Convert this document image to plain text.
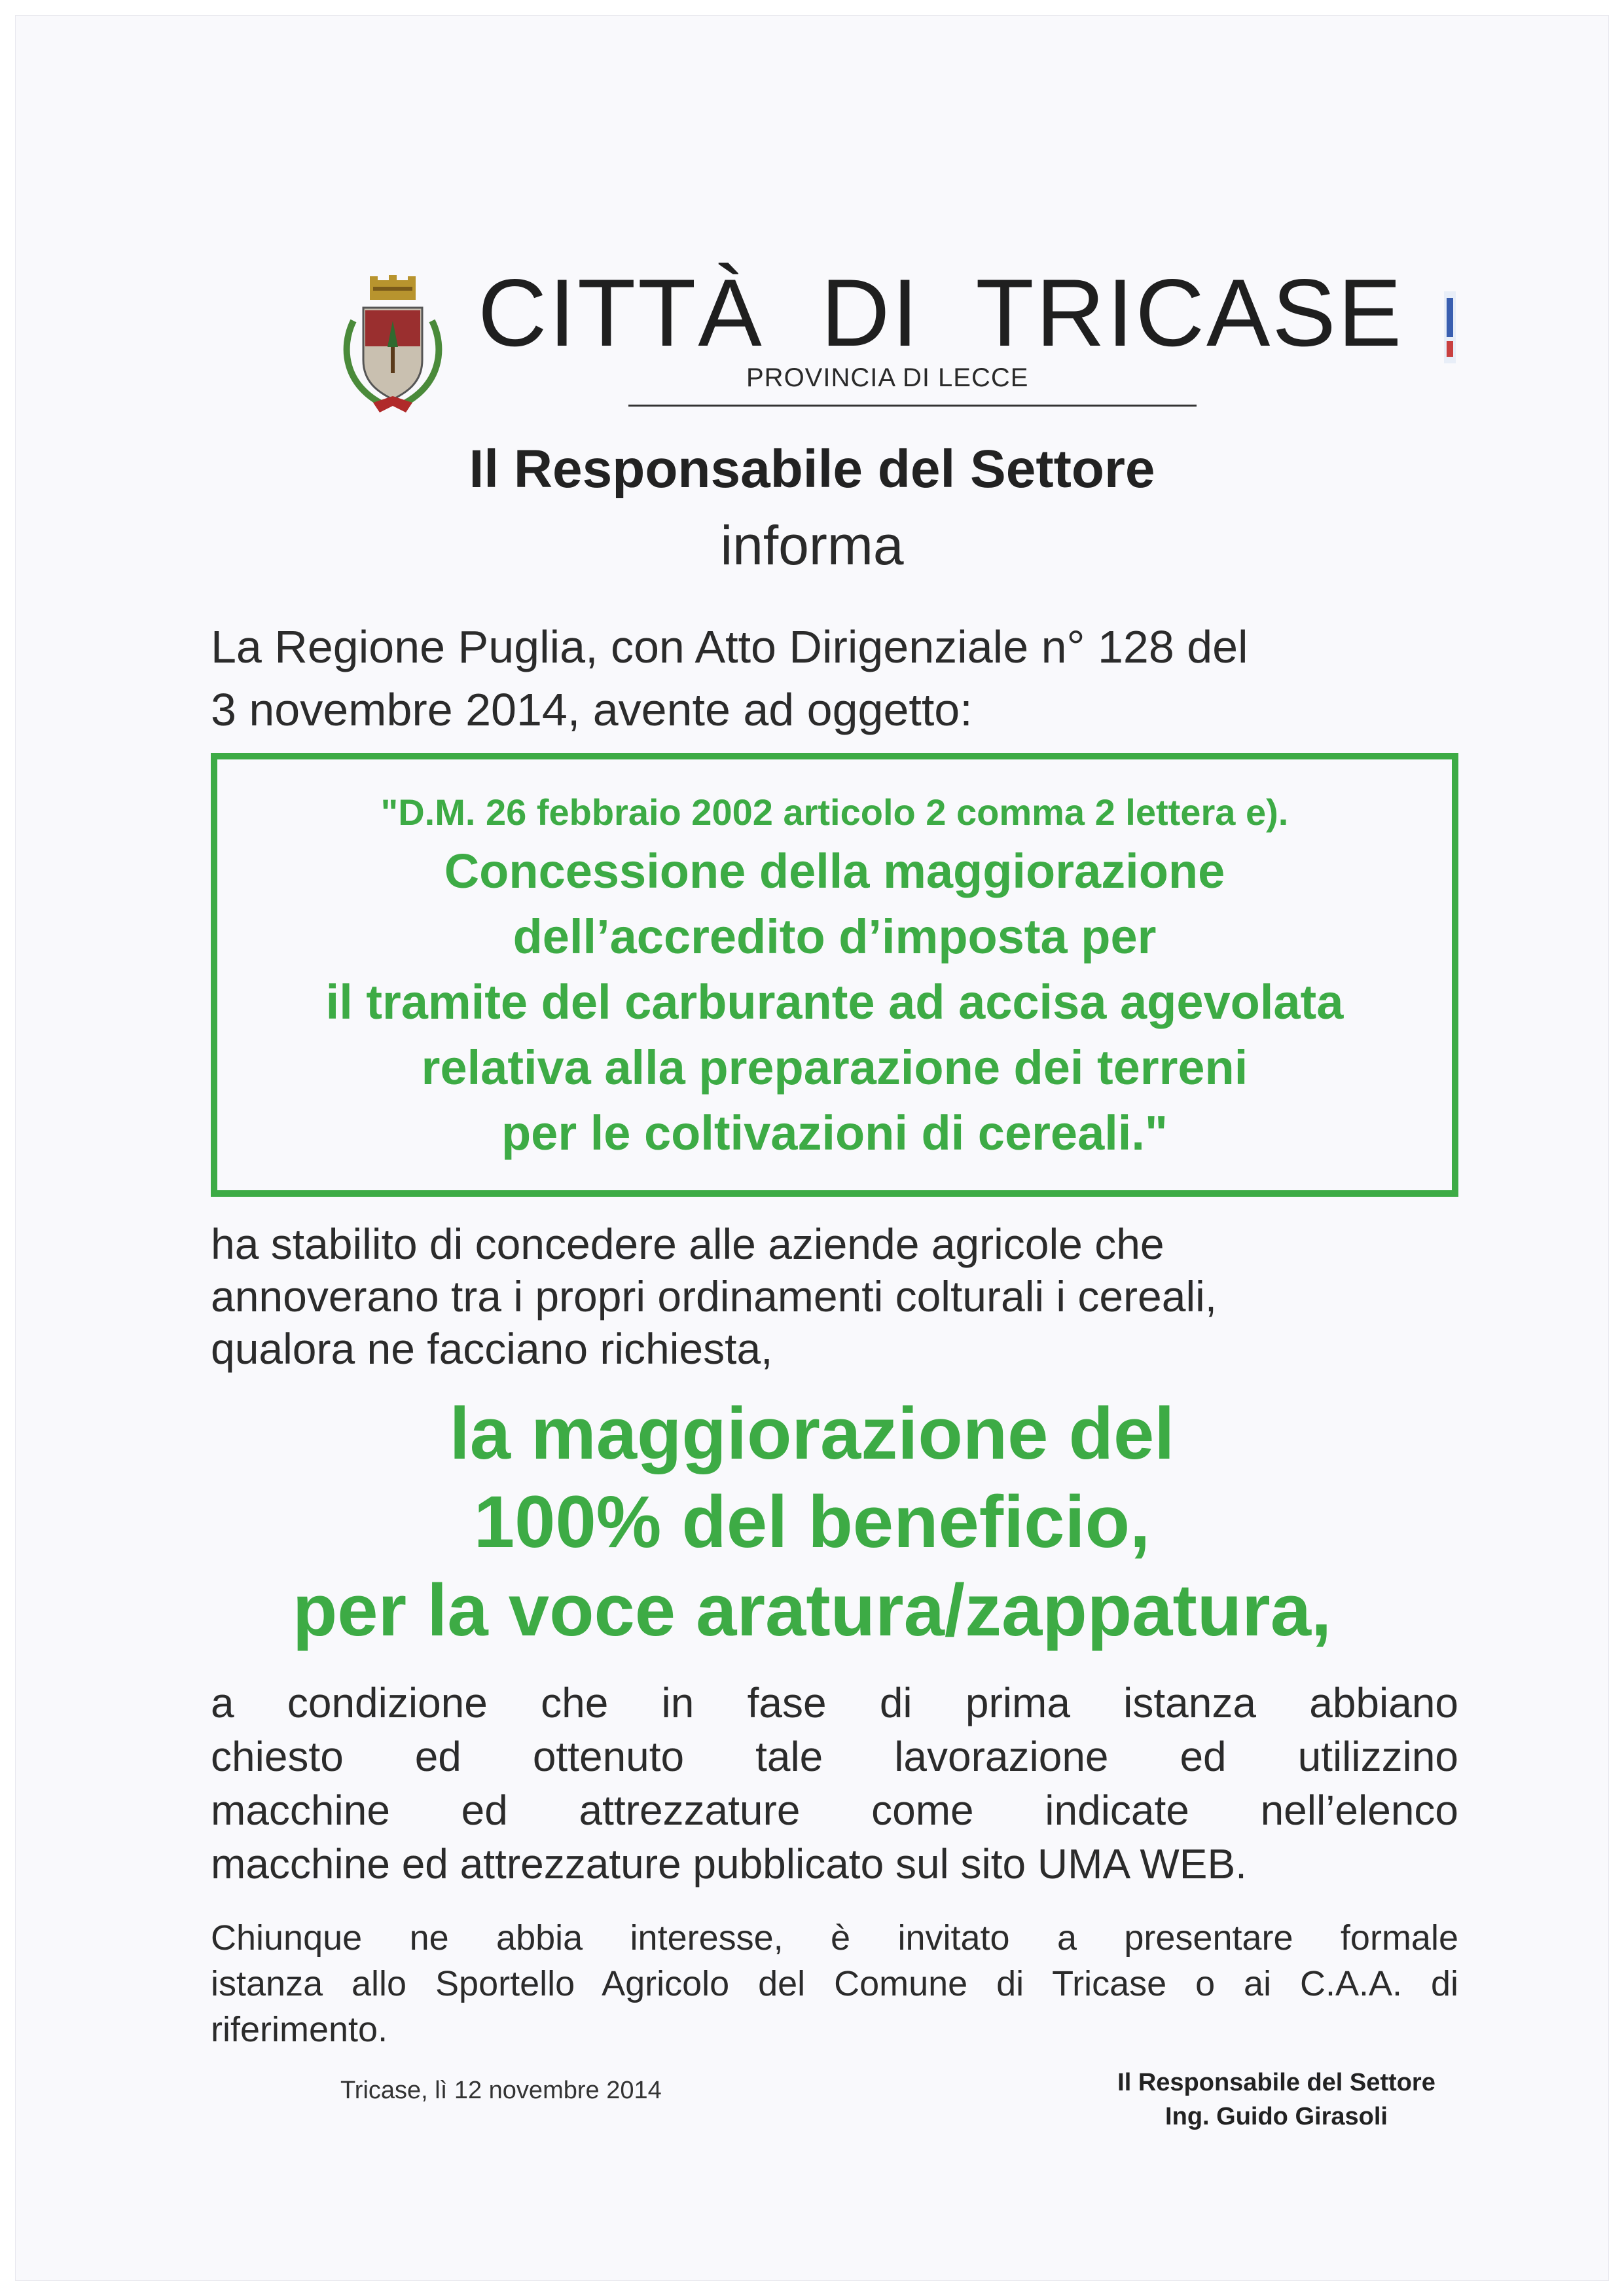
CITTÀ  DI  TRICASE
PROVINCIA DI LECCE
Il Responsabile del Settore
informa
La Regione Puglia, con Atto Dirigenziale n° 128 del
3 novembre 2014, avente ad oggetto:
"D.M. 26 febbraio 2002 articolo 2 comma 2 lettera e).
Concessione della maggiorazione
dell’accredito d’imposta per
il tramite del carburante ad accisa agevolata
relativa alla preparazione dei terreni
per le coltivazioni di cereali."
ha stabilito di concedere alle aziende agricole che
annoverano tra i propri ordinamenti colturali i cereali,
qualora ne facciano richiesta,
la maggiorazione del
100% del beneficio,
per la voce aratura/zappatura,
a condizione che in fase di prima istanza abbiano
chiesto ed ottenuto tale lavorazione ed utilizzino
macchine ed attrezzature come indicate nell’elenco
macchine ed attrezzature pubblicato sul sito UMA WEB.
Chiunque ne abbia interesse, è invitato a presentare formale
istanza allo Sportello Agricolo del Comune di Tricase o ai C.A.A. di
riferimento.
Tricase, lì 12 novembre 2014	Il Responsabile del Settore
Ing. Guido Girasoli
